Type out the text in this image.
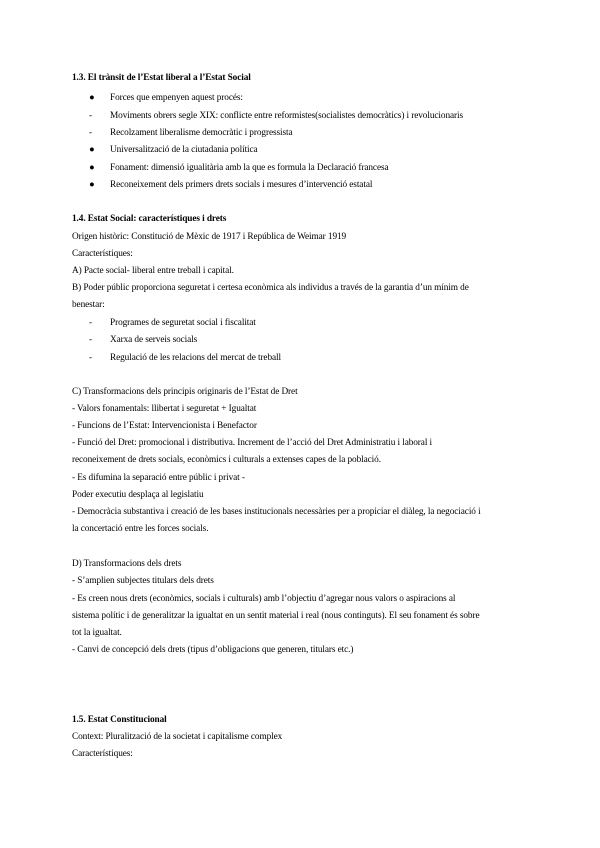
1.3. El trànsit de l’Estat liberal a l’Estat Social
● Forces que empenyen aquest procés:
- Moviments obrers segle XIX: conflicte entre reformistes(socialistes democràtics) i revolucionaris
- Recolzament liberalisme democràtic i progressista
● Universalització de la ciutadania política
● Fonament: dimensió igualitària amb la que es formula la Declaració francesa
● Reconeixement dels primers drets socials i mesures d’intervenció estatal
1.4. Estat Social: característiques i drets
Origen històric: Constitució de Mèxic de 1917 i República de Weimar 1919
Característiques:
A) Pacte social- liberal entre treball i capital.
B) Poder públic proporciona seguretat i certesa econòmica als individus a través de la garantia d’un mínim de
benestar:
- Programes de seguretat social i fiscalitat
- Xarxa de serveis socials
- Regulació de les relacions del mercat de treball
C) Transformacions dels principis originaris de l’Estat de Dret
- Valors fonamentals: llibertat i seguretat + Igualtat
- Funcions de l’Estat: Intervencionista i Benefactor
- Funció del Dret: promocional i distributiva. Increment de l’acció del Dret Administratiu i laboral i
reconeixement de drets socials, econòmics i culturals a extenses capes de la població.
- Es difumina la separació entre públic i privat -
Poder executiu desplaça al legislatiu
- Democràcia substantiva i creació de les bases institucionals necessàries per a propiciar el diàleg, la negociació i
la concertació entre les forces socials.
D) Transformacions dels drets
- S’amplien subjectes titulars dels drets
- Es creen nous drets (econòmics, socials i culturals) amb l’objectiu d’agregar nous valors o aspiracions al
sistema polític i de generalitzar la igualtat en un sentit material i real (nous continguts). El seu fonament és sobre
tot la igualtat.
- Canvi de concepció dels drets (tipus d’obligacions que generen, titulars etc.)
1.5. Estat Constitucional
Context: Pluralització de la societat i capitalisme complex
Característiques:
